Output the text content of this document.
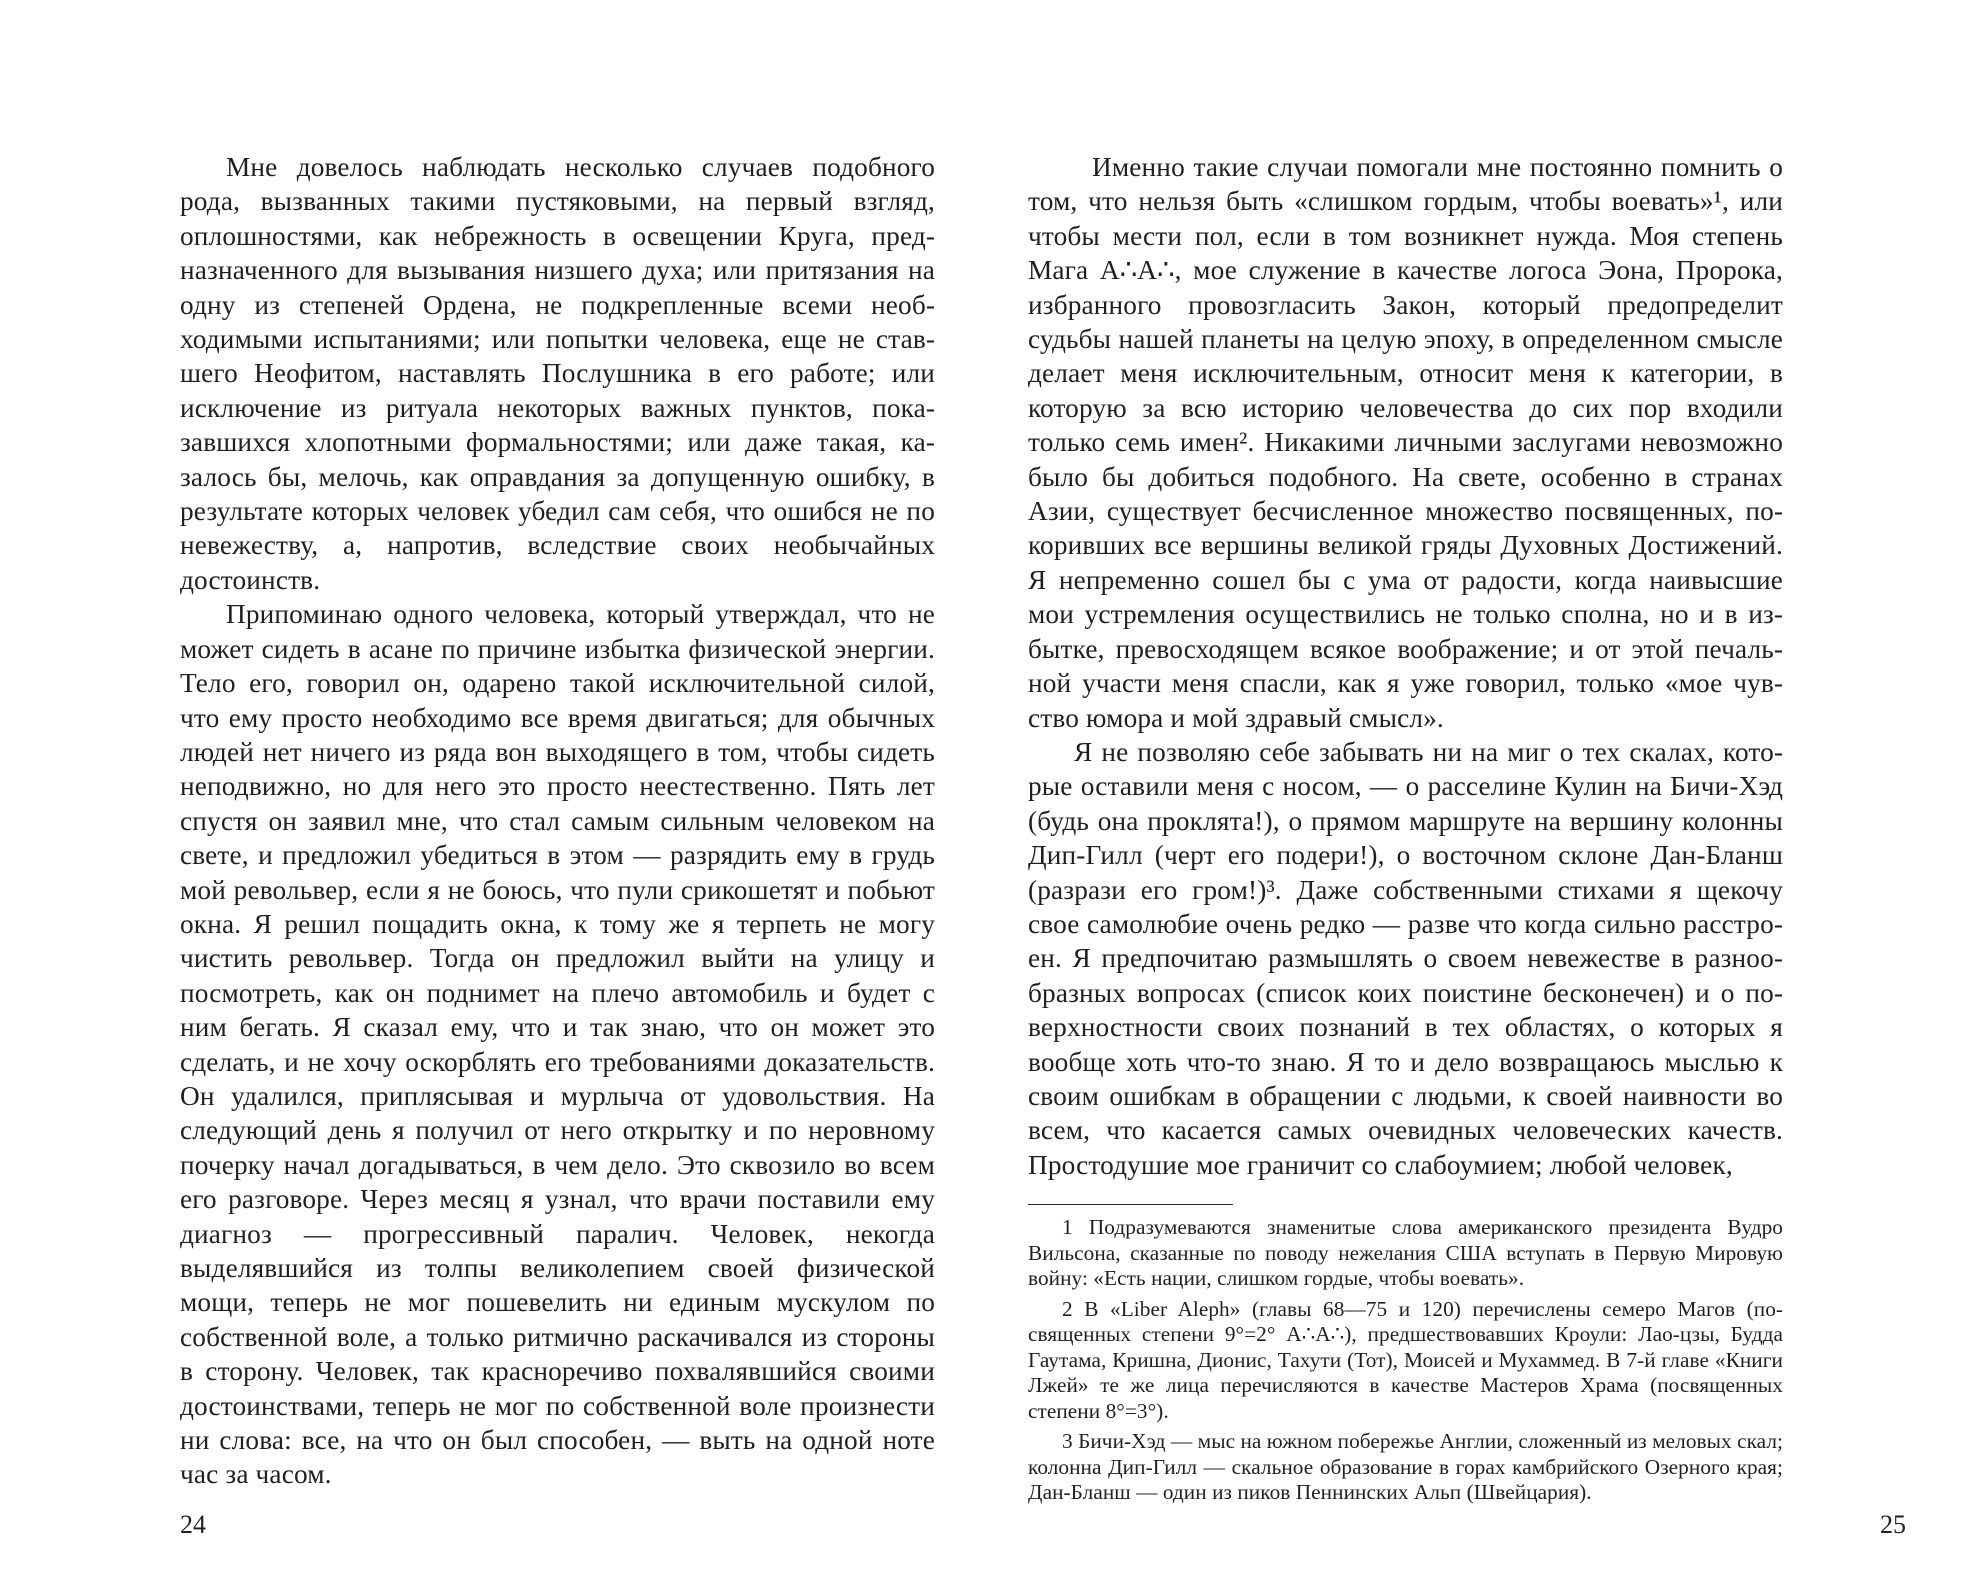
Мне довелось наблюдать несколько случаев подобного рода, вызванных такими пустяковыми, на первый взгляд, оплошностями, как небрежность в освещении Круга, предназначенного для вызывания низшего духа; или притязания на одну из степеней Ордена, не подкрепленные всеми необходимыми испытаниями; или попытки человека, еще не ставшего Неофитом, наставлять Послушника в его работе; или исключение из ритуала некоторых важных пунктов, показавшихся хлопотными формальностями; или даже такая, казалось бы, мелочь, как оправдания за допущенную ошибку, в результате которых человек убедил сам себя, что ошибся не по невежеству, а, напротив, вследствие своих необычайных достоинств.

Припоминаю одного человека, который утверждал, что не может сидеть в асане по причине избытка физической энергии. Тело его, говорил он, одарено такой исключительной силой, что ему просто необходимо все время двигаться; для обычных людей нет ничего из ряда вон выходящего в том, чтобы сидеть неподвижно, но для него это просто неестественно. Пять лет спустя он заявил мне, что стал самым сильным человеком на свете, и предложил убедиться в этом — разрядить ему в грудь мой револьвер, если я не боюсь, что пули срикошетят и побьют окна. Я решил пощадить окна, к тому же я терпеть не могу чистить револьвер. Тогда он предложил выйти на улицу и посмотреть, как он поднимет на плечо автомобиль и будет с ним бегать. Я сказал ему, что и так знаю, что он может это сделать, и не хочу оскорблять его требованиями доказательств. Он удалился, приплясывая и мурлыча от удовольствия. На следующий день я получил от него открытку и по неровному почерку начал догадываться, в чем дело. Это сквозило во всем его разговоре. Через месяц я узнал, что врачи поставили ему диагноз — прогрессивный паралич. Человек, некогда выделявшийся из толпы великолепием своей физической мощи, теперь не мог пошевелить ни единым мускулом по собственной воле, а только ритмично раскачивался из стороны в сторону. Человек, так красноречиво похвалявшийся своими достоинствами, теперь не мог по собственной воле произнести ни слова: все, на что он был способен, — выть на одной ноте час за часом.

Именно такие случаи помогали мне постоянно помнить о том, что нельзя быть «слишком гордым, чтобы воевать»¹, или чтобы мести пол, если в том возникнет нужда. Моя степень Мага A∴A∴, мое служение в качестве логоса Эона, Пророка, избранного провозгласить Закон, который предопределит судьбы нашей планеты на целую эпоху, в определенном смысле делает меня исключительным, относит меня к категории, в которую за всю историю человечества до сих пор входили только семь имен². Никакими личными заслугами невозможно было бы добиться подобного. На свете, особенно в странах Азии, существует бесчисленное множество посвященных, покоривших все вершины великой гряды Духовных Достижений. Я непременно сошел бы с ума от радости, когда наивысшие мои устремления осуществились не только сполна, но и в избытке, превосходящем всякое воображение; и от этой печальной участи меня спасли, как я уже говорил, только «мое чувство юмора и мой здравый смысл».

Я не позволяю себе забывать ни на миг о тех скалах, которые оставили меня с носом, — о расселине Кулин на Бичи-Хэд (будь она проклята!), о прямом маршруте на вершину колонны Дип-Гилл (черт его подери!), о восточном склоне Дан-Бланш (разрази его гром!)³. Даже собственными стихами я щекочу свое самолюбие очень редко — разве что когда сильно расстроен. Я предпочитаю размышлять о своем невежестве в разнообразных вопросах (список коих поистине бесконечен) и о поверхностности своих познаний в тех областях, о которых я вообще хоть что-то знаю. Я то и дело возвращаюсь мыслью к своим ошибкам в обращении с людьми, к своей наивности во всем, что касается самых очевидных человеческих качеств. Простодушие мое граничит со слабоумием; любой человек,

1 Подразумеваются знаменитые слова американского президента Вудро Вильсона, сказанные по поводу нежелания США вступать в Первую Мировую войну: «Есть нации, слишком гордые, чтобы воевать».

2 В «Liber Aleph» (главы 68—75 и 120) перечислены семеро Магов (посвященных степени 9°=2° A∴A∴), предшествовавших Кроули: Лао-цзы, Будда Гаутама, Кришна, Дионис, Тахути (Тот), Моисей и Мухаммед. В 7-й главе «Книги Лжей» те же лица перечисляются в качестве Мастеров Храма (посвященных степени 8°=3°).

3 Бичи-Хэд — мыс на южном побережье Англии, сложенный из меловых скал; колонна Дип-Гилл — скальное образование в горах камбрийского Озерного края; Дан-Бланш — один из пиков Пеннинских Альп (Швейцария).

24	25
